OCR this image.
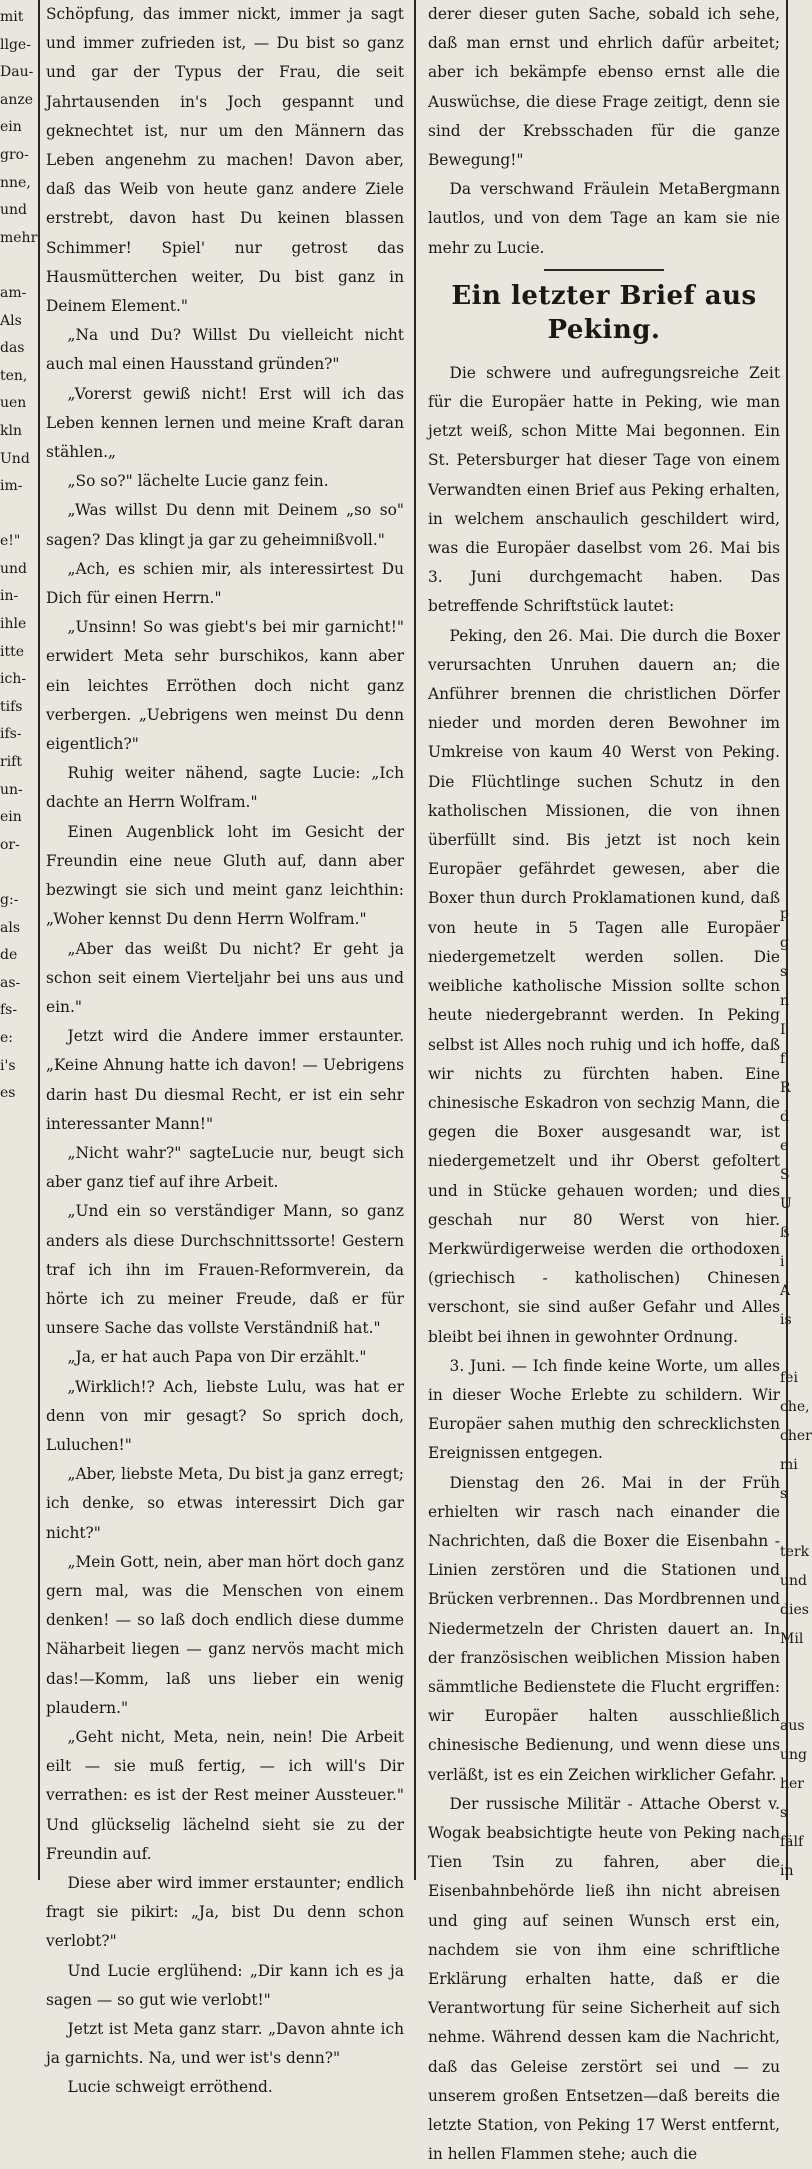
mit

llge-

Dau-

anze

ein

gro-

nne,

und

mehr

am-

Als

das

ten,

uen

kln

Und

im-

e!"

und

in-

ihle

itte

ich-

tifs

ifs-

rift

un-

ein

or-

g:-

als

de

as-

fs-

e:

i's

es

Schöpfung, das immer nickt, immer ja sagt und immer zufrieden ist, — Du bist so ganz und gar der Typus der Frau, die seit Jahrtausenden in's Joch gespannt und geknechtet ist, nur um den Männern das Leben angenehm zu machen! Davon aber, daß das Weib von heute ganz andere Ziele erstrebt, davon hast Du keinen blassen Schimmer! Spiel' nur getrost das Hausmütterchen weiter, Du bist ganz in Deinem Element."

„Na und Du? Willst Du vielleicht nicht auch mal einen Hausstand gründen?"

„Vorerst gewiß nicht! Erst will ich das Leben kennen lernen und meine Kraft daran stählen.„

„So so?" lächelte Lucie ganz fein.

„Was willst Du denn mit Deinem „so so" sagen? Das klingt ja gar zu geheimnißvoll."

„Ach, es schien mir, als interessirtest Du Dich für einen Herrn."

„Unsinn! So was giebt's bei mir garnicht!" erwidert Meta sehr burschikos, kann aber ein leichtes Erröthen doch nicht ganz verbergen. „Uebrigens wen meinst Du denn eigentlich?"

Ruhig weiter nähend, sagte Lucie: „Ich dachte an Herrn Wolfram."

Einen Augenblick loht im Gesicht der Freundin eine neue Gluth auf, dann aber bezwingt sie sich und meint ganz leichthin: „Woher kennst Du denn Herrn Wolfram."

„Aber das weißt Du nicht? Er geht ja schon seit einem Vierteljahr bei uns aus und ein."

Jetzt wird die Andere immer erstaunter. „Keine Ahnung hatte ich davon! — Uebrigens darin hast Du diesmal Recht, er ist ein sehr interessanter Mann!"

„Nicht wahr?" sagteLucie nur, beugt sich aber ganz tief auf ihre Arbeit.

„Und ein so verständiger Mann, so ganz anders als diese Durchschnittssorte! Gestern traf ich ihn im Frauen-Reformverein, da hörte ich zu meiner Freude, daß er für unsere Sache das vollste Verständniß hat."

„Ja, er hat auch Papa von Dir erzählt."

„Wirklich!? Ach, liebste Lulu, was hat er denn von mir gesagt? So sprich doch, Luluchen!"

„Aber, liebste Meta, Du bist ja ganz erregt; ich denke, so etwas interessirt Dich gar nicht?"

„Mein Gott, nein, aber man hört doch ganz gern mal, was die Menschen von einem denken! — so laß doch endlich diese dumme Näharbeit liegen — ganz nervös macht mich das!—Komm, laß uns lieber ein wenig plaudern."

„Geht nicht, Meta, nein, nein! Die Arbeit eilt — sie muß fertig, — ich will's Dir verrathen: es ist der Rest meiner Aussteuer." Und glückselig lächelnd sieht sie zu der Freundin auf.

Diese aber wird immer erstaunter; endlich fragt sie pikirt: „Ja, bist Du denn schon verlobt?"

Und Lucie erglühend: „Dir kann ich es ja sagen — so gut wie verlobt!"

Jetzt ist Meta ganz starr. „Davon ahnte ich ja garnichts. Na, und wer ist's denn?"

Lucie schweigt erröthend.

derer dieser guten Sache, sobald ich sehe, daß man ernst und ehrlich dafür arbeitet; aber ich bekämpfe ebenso ernst alle die Auswüchse, die diese Frage zeitigt, denn sie sind der Krebsschaden für die ganze Bewegung!"

Da verschwand Fräulein MetaBergmann lautlos, und von dem Tage an kam sie nie mehr zu Lucie.

Ein letzter Brief aus Peking.

Die schwere und aufregungsreiche Zeit für die Europäer hatte in Peking, wie man jetzt weiß, schon Mitte Mai begonnen. Ein St. Petersburger hat dieser Tage von einem Verwandten einen Brief aus Peking erhalten, in welchem anschaulich geschildert wird, was die Europäer daselbst vom 26. Mai bis 3. Juni durchgemacht haben. Das betreffende Schriftstück lautet:

Peking, den 26. Mai. Die durch die Boxer verursachten Unruhen dauern an; die Anführer brennen die christlichen Dörfer nieder und morden deren Bewohner im Umkreise von kaum 40 Werst von Peking. Die Flüchtlinge suchen Schutz in den katholischen Missionen, die von ihnen überfüllt sind. Bis jetzt ist noch kein Europäer gefährdet gewesen, aber die Boxer thun durch Proklamationen kund, daß von heute in 5 Tagen alle Europäer niedergemetzelt werden sollen. Die weibliche katholische Mission sollte schon heute niedergebrannt werden. In Peking selbst ist Alles noch ruhig und ich hoffe, daß wir nichts zu fürchten haben. Eine chinesische Eskadron von sechzig Mann, die gegen die Boxer ausgesandt war, ist niedergemetzelt und ihr Oberst gefoltert und in Stücke gehauen worden; und dies geschah nur 80 Werst von hier. Merkwürdigerweise werden die orthodoxen (griechisch - katholischen) Chinesen verschont, sie sind außer Gefahr und Alles bleibt bei ihnen in gewohnter Ordnung.

3. Juni. — Ich finde keine Worte, um alles in dieser Woche Erlebte zu schildern. Wir Europäer sahen muthig den schrecklichsten Ereignissen entgegen.

Dienstag den 26. Mai in der Früh erhielten wir rasch nach einander die Nachrichten, daß die Boxer die Eisenbahn - Linien zerstören und die Stationen und Brücken verbrennen.. Das Mordbrennen und Niedermetzeln der Christen dauert an. In der französischen weiblichen Mission haben sämmtliche Bedienstete die Flucht ergriffen: wir Europäer halten ausschließlich chinesische Bedienung, und wenn diese uns verläßt, ist es ein Zeichen wirklicher Gefahr.

Der russische Militär - Attache Oberst v. Wogak beabsichtigte heute von Peking nach Tien Tsin zu fahren, aber die Eisenbahnbehörde ließ ihn nicht abreisen und ging auf seinen Wunsch erst ein, nachdem sie von ihm eine schriftliche Erklärung erhalten hatte, daß er die Verantwortung für seine Sicherheit auf sich nehme. Während dessen kam die Nachricht, daß das Geleise zerstört sei und — zu unserem großen Entsetzen—daß bereits die letzte Station, von Peking 17 Werst entfernt, in hellen Flammen stehe; auch die

p

g

s

n

I

f

R

d

e

S

U

ß

i

A

is

fei

che,

cher

mi

s

terk

und

dies

Mil

aus

ung

her

s

fälf

in
